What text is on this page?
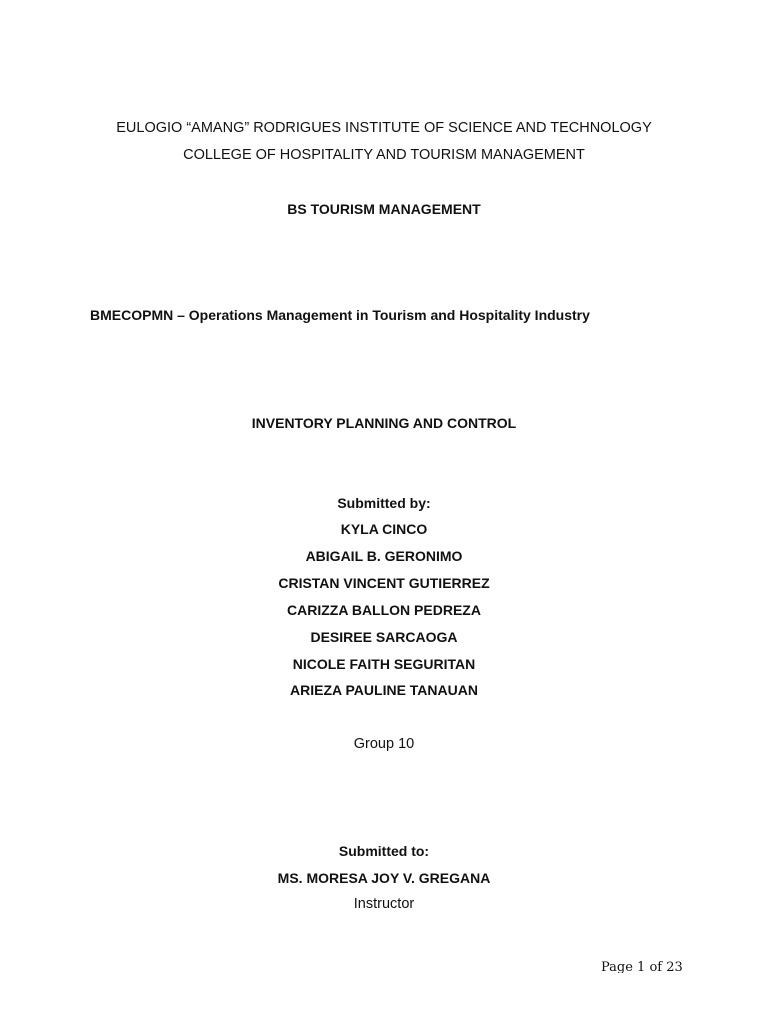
EULOGIO “AMANG” RODRIGUES INSTITUTE OF SCIENCE AND TECHNOLOGY
COLLEGE OF HOSPITALITY AND TOURISM MANAGEMENT
BS TOURISM MANAGEMENT
BMECOPMN – Operations Management in Tourism and Hospitality Industry
INVENTORY PLANNING AND CONTROL
Submitted by:
KYLA CINCO
ABIGAIL B. GERONIMO
CRISTAN VINCENT GUTIERREZ
CARIZZA BALLON PEDREZA
DESIREE SARCAOGA
NICOLE FAITH SEGURITAN
ARIEZA PAULINE TANAUAN
Group 10
Submitted to:
MS. MORESA JOY V. GREGANA
Instructor
Page 1 of 23
